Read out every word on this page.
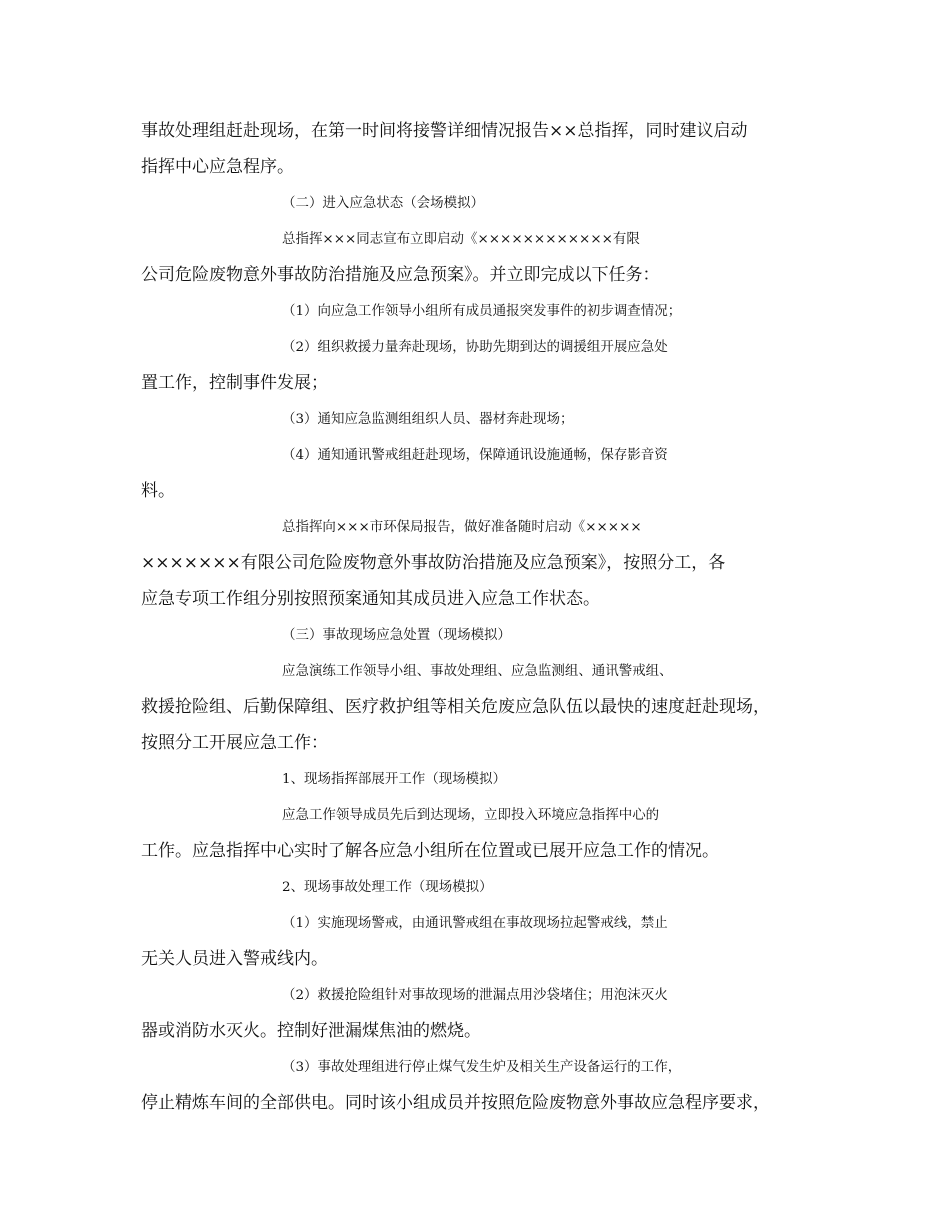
事故处理组赶赴现场，在第一时间将接警详细情况报告××总指挥，同时建议启动
指挥中心应急程序。
（二）进入应急状态（会场模拟）
总指挥×××同志宣布立即启动《××××××××××××有限
公司危险废物意外事故防治措施及应急预案》。并立即完成以下任务：
（1）向应急工作领导小组所有成员通报突发事件的初步调查情况；
（2）组织救援力量奔赴现场，协助先期到达的调援组开展应急处
置工作，控制事件发展；
（3）通知应急监测组组织人员、器材奔赴现场；
（4）通知通讯警戒组赶赴现场，保障通讯设施通畅，保存影音资
料。
总指挥向×××市环保局报告，做好准备随时启动《×××××
×××××××有限公司危险废物意外事故防治措施及应急预案》，按照分工，各
应急专项工作组分别按照预案通知其成员进入应急工作状态。
（三）事故现场应急处置（现场模拟）
应急演练工作领导小组、事故处理组、应急监测组、通讯警戒组、
救援抢险组、后勤保障组、医疗救护组等相关危废应急队伍以最快的速度赶赴现场，
按照分工开展应急工作：
1、现场指挥部展开工作（现场模拟）
应急工作领导成员先后到达现场，立即投入环境应急指挥中心的
工作。应急指挥中心实时了解各应急小组所在位置或已展开应急工作的情况。
2、现场事故处理工作（现场模拟）
（1）实施现场警戒，由通讯警戒组在事故现场拉起警戒线，禁止
无关人员进入警戒线内。
（2）救援抢险组针对事故现场的泄漏点用沙袋堵住；用泡沫灭火
器或消防水灭火。控制好泄漏煤焦油的燃烧。
（3）事故处理组进行停止煤气发生炉及相关生产设备运行的工作，
停止精炼车间的全部供电。同时该小组成员并按照危险废物意外事故应急程序要求，
